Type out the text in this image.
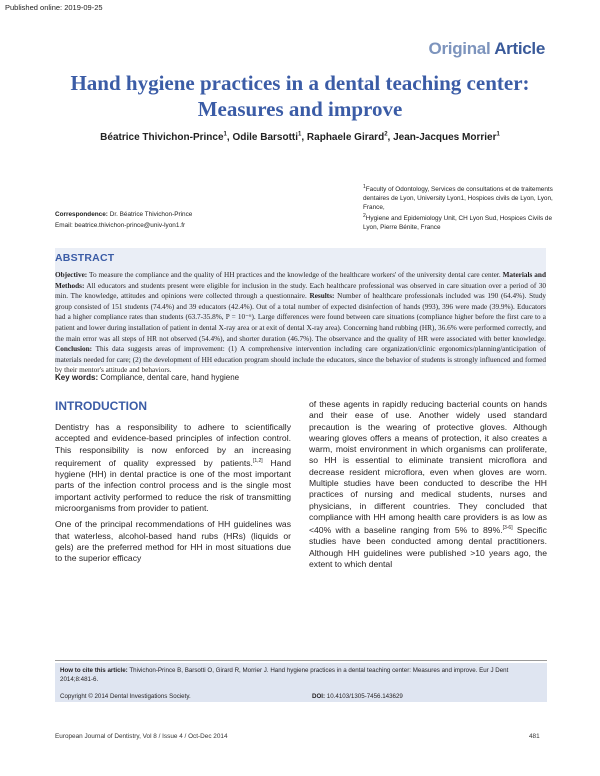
Published online: 2019-09-25
Original Article
Hand hygiene practices in a dental teaching center:
Measures and improve
Béatrice Thivichon-Prince$^1$, Odile Barsotti$^1$, Raphaele Girard$^2$, Jean-Jacques Morrier$^1$
$^1$Faculty of Odontology, Services de consultations et de traitements dentaires de Lyon, University Lyon1, Hospices civils de Lyon, Lyon, France,
$^2$Hygiene and Epidemiology Unit, CH Lyon Sud, Hospices Civils de Lyon, Pierre Bénite, France
Correspondence: Dr. Béatrice Thivichon-Prince
Email: beatrice.thivichon-prince@univ-lyon1.fr
ABSTRACT
Objective: To measure the compliance and the quality of HH practices and the knowledge of the healthcare workers' of the university dental care center. Materials and Methods: All educators and students present were eligible for inclusion in the study. Each healthcare professional was observed in care situation over a period of 30 min. The knowledge, attitudes and opinions were collected through a questionnaire. Results: Number of healthcare professionals included was 190 (64.4%). Study group consisted of 151 students (74.4%) and 39 educators (42.4%). Out of a total number of expected disinfection of hands (993), 396 were made (39.9%). Educators had a higher compliance rates than students (63.7-35.8%, P = 10⁻⁶). Large differences were found between care situations (compliance higher before the first care to a patient and lower during installation of patient in dental X-ray area or at exit of dental X-ray area). Concerning hand rubbing (HR), 36.6% were performed correctly, and the main error was all steps of HR not observed (54.4%), and shorter duration (46.7%). The observance and the quality of HR were associated with better knowledge. Conclusion: This data suggests areas of improvement: (1) A comprehensive intervention including care organization/clinic ergonomics/planning/anticipation of materials needed for care; (2) the development of HH education program should include the educators, since the behavior of students is strongly influenced and formed by their mentor's attitude and behaviors.
Key words: Compliance, dental care, hand hygiene
INTRODUCTION

Dentistry has a responsibility to adhere to scientifically accepted and evidence-based principles of infection control. This responsibility is now enforced by an increasing requirement of quality expressed by patients.[1,2] Hand hygiene (HH) in dental practice is one of the most important parts of the infection control process and is the single most important activity performed to reduce the risk of transmitting microorganisms from provider to patient.

One of the principal recommendations of HH guidelines was that waterless, alcohol-based hand rubs (HRs) (liquids or gels) are the preferred method for HH in most situations due to the superior efficacy

of these agents in rapidly reducing bacterial counts on hands and their ease of use. Another widely used standard precaution is the wearing of protective gloves. Although wearing gloves offers a means of protection, it also creates a warm, moist environment in which organisms can proliferate, so HH is essential to eliminate transient microflora and decrease resident microflora, even when gloves are worn. Multiple studies have been conducted to describe the HH practices of nursing and medical students, nurses and physicians, in different countries. They concluded that compliance with HH among health care providers is as low as <40% with a baseline ranging from 5% to 89%.[3-6] Specific studies have been conducted among dental practitioners. Although HH guidelines were published >10 years ago, the extent to which dental

How to cite this article: Thivichon-Prince B, Barsotti O, Girard R, Morrier J. Hand hygiene practices in a dental teaching center: Measures and improve. Eur J Dent 2014;8:481-6.
Copyright © 2014 Dental Investigations Society.	DOI: 10.4103/1305-7456.143629
European Journal of Dentistry, Vol 8 / Issue 4 / Oct-Dec 2014	481
